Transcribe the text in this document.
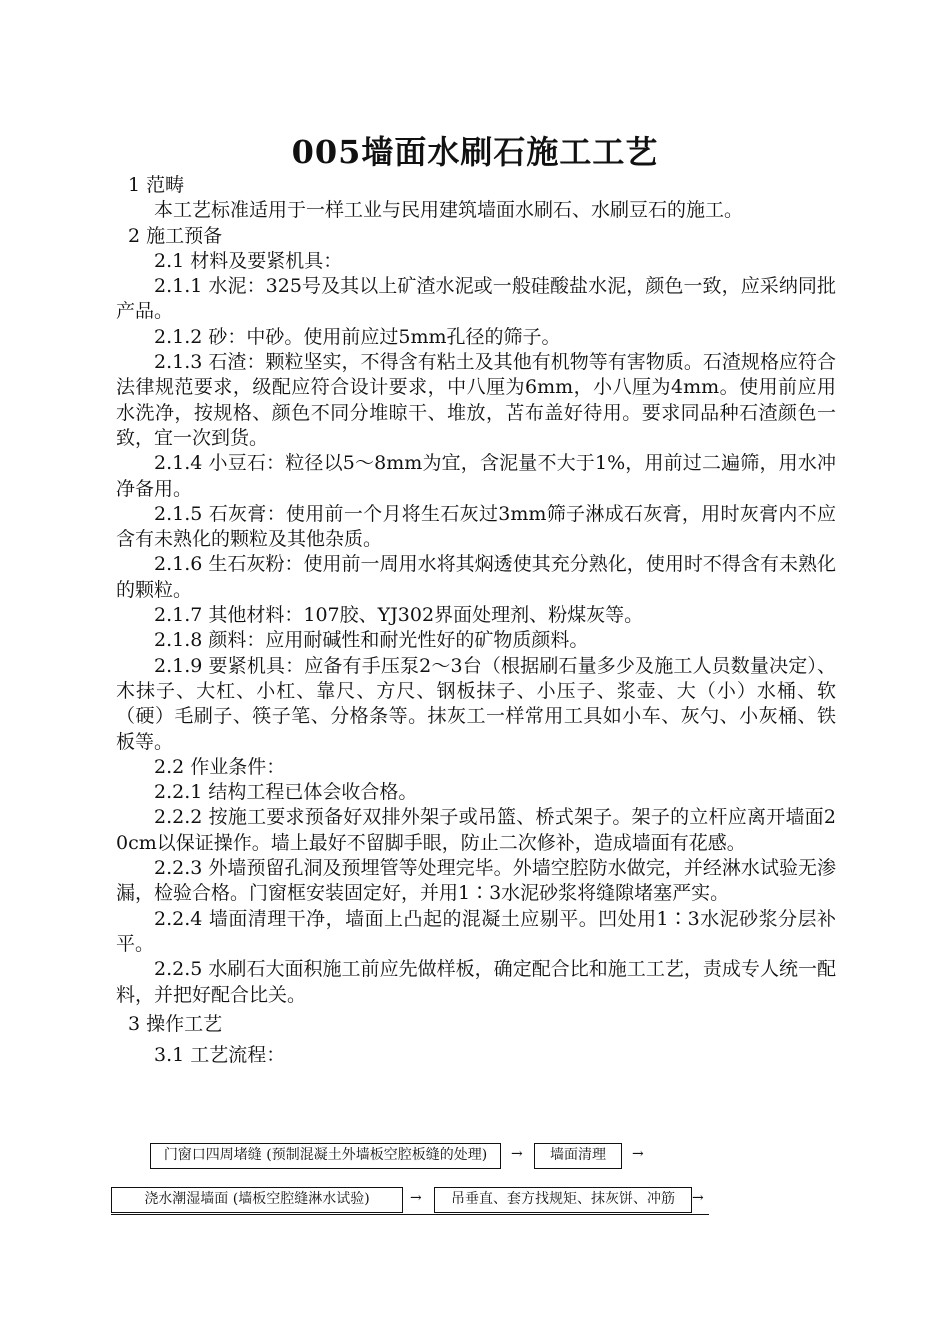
005墙面水刷石施工工艺

1 范畴

本工艺标准适用于一样工业与民用建筑墙面水刷石、水刷豆石的施工。

2 施工预备

2.1 材料及要紧机具：

2.1.1 水泥：325号及其以上矿渣水泥或一般硅酸盐水泥，颜色一致，应采纳同批产品。

2.1.2 砂：中砂。使用前应过5mm孔径的筛子。

2.1.3 石渣：颗粒坚实，不得含有粘土及其他有机物等有害物质。石渣规格应符合法律规范要求，级配应符合设计要求，中八厘为6mm，小八厘为4mm。使用前应用水洗净，按规格、颜色不同分堆晾干、堆放，苫布盖好待用。要求同品种石渣颜色一致，宜一次到货。

2.1.4 小豆石：粒径以5～8mm为宜，含泥量不大于1%，用前过二遍筛，用水冲净备用。

2.1.5 石灰膏：使用前一个月将生石灰过3mm筛子淋成石灰膏，用时灰膏内不应含有未熟化的颗粒及其他杂质。

2.1.6 生石灰粉：使用前一周用水将其焖透使其充分熟化，使用时不得含有未熟化的颗粒。

2.1.7 其他材料：107胶、YJ302界面处理剂、粉煤灰等。

2.1.8 颜料：应用耐碱性和耐光性好的矿物质颜料。

2.1.9 要紧机具：应备有手压泵2～3台（根据刷石量多少及施工人员数量决定）、木抹子、大杠、小杠、靠尺、方尺、钢板抹子、小压子、浆壶、大（小）水桶、软（硬）毛刷子、筷子笔、分格条等。抹灰工一样常用工具如小车、灰勺、小灰桶、铁板等。

2.2 作业条件：

2.2.1 结构工程已体会收合格。

2.2.2 按施工要求预备好双排外架子或吊篮、桥式架子。架子的立杆应离开墙面20cm以保证操作。墙上最好不留脚手眼，防止二次修补，造成墙面有花感。

2.2.3 外墙预留孔洞及预埋管等处理完毕。外墙空腔防水做完，并经淋水试验无渗漏，检验合格。门窗框安装固定好，并用1∶3水泥砂浆将缝隙堵塞严实。

2.2.4 墙面清理干净，墙面上凸起的混凝土应剔平。凹处用1∶3水泥砂浆分层补平。

2.2.5 水刷石大面积施工前应先做样板，确定配合比和施工工艺，责成专人统一配料，并把好配合比关。

3 操作工艺

3.1 工艺流程：

门窗口四周堵缝 (预制混凝土外墙板空腔板缝的处理)	→	墙面清理	→
浇水潮湿墙面 (墙板空腔缝淋水试验)	→	吊垂直、套方找规矩、抹灰饼、冲筋	→
